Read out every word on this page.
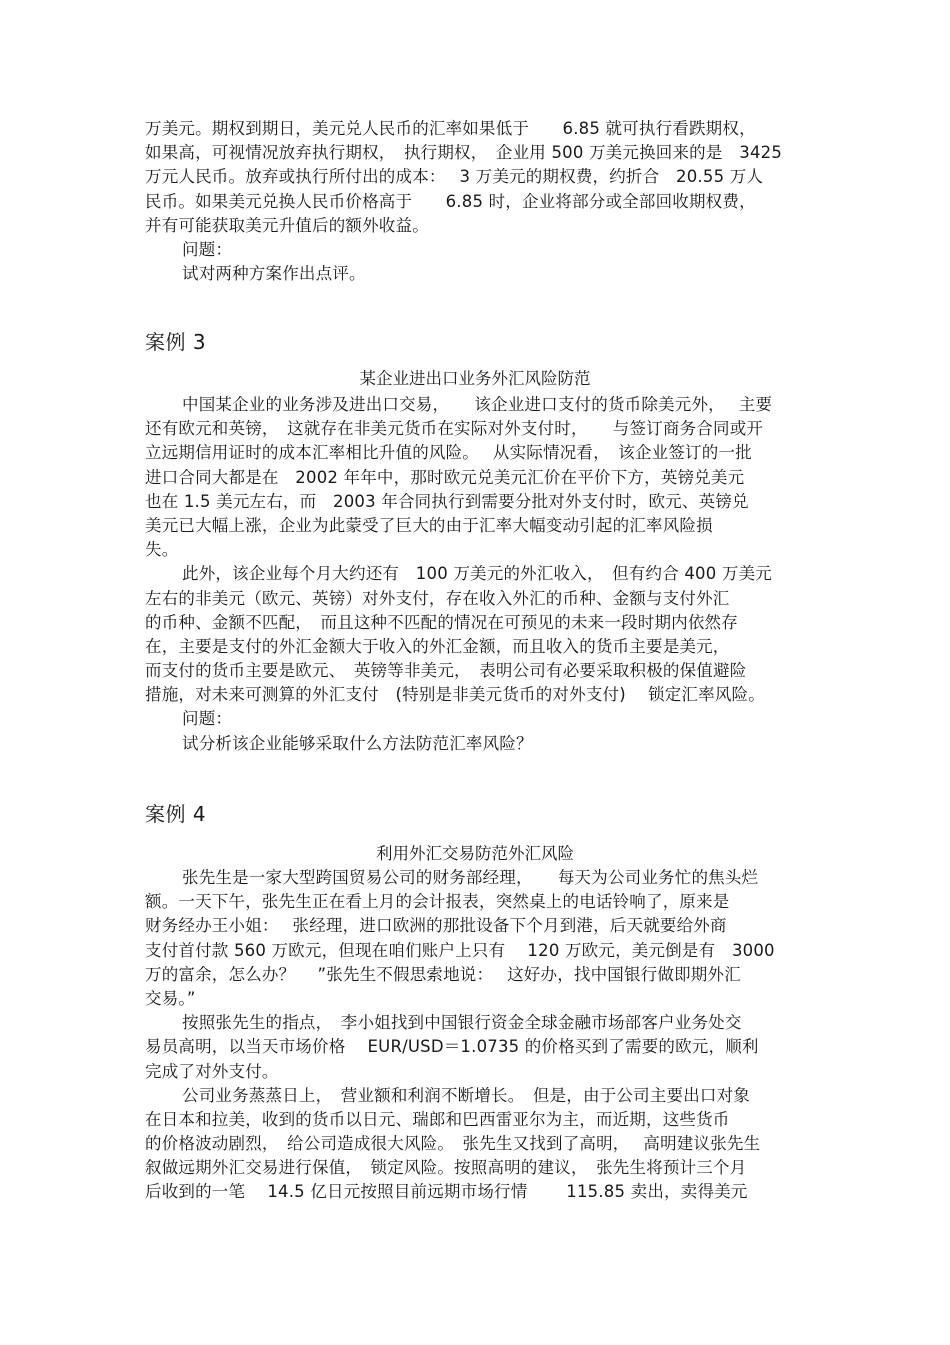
万美元。期权到期日，美元兑人民币的汇率如果低于　　6.85 就可执行看跌期权，
如果高，可视情况放弃执行期权，　执行期权，　企业用 500 万美元换回来的是　3425
万元人民币。放弃或执行所付出的成本：　 3 万美元的期权费，约折合　20.55 万人
民币。如果美元兑换人民币价格高于　　6.85 时，企业将部分或全部回收期权费，
并有可能获取美元升值后的额外收益。
问题：
试对两种方案作出点评。
案例 3
某企业进出口业务外汇风险防范
中国某企业的业务涉及进出口交易，　　该企业进口支付的货币除美元外，　 主要
还有欧元和英镑，　这就存在非美元货币在实际对外支付时，　　与签订商务合同或开
立远期信用证时的成本汇率相比升值的风险。　 从实际情况看，　该企业签订的一批
进口合同大都是在　2002 年年中，那时欧元兑美元汇价在平价下方，英镑兑美元
也在 1.5 美元左右，而　2003 年合同执行到需要分批对外支付时，欧元、英镑兑
美元已大幅上涨，企业为此蒙受了巨大的由于汇率大幅变动引起的汇率风险损
失。
此外，该企业每个月大约还有　100 万美元的外汇收入，　但有约合 400 万美元
左右的非美元（欧元、英镑）对外支付，存在收入外汇的币种、金额与支付外汇
的币种、金额不匹配，　而且这种不匹配的情况在可预见的未来一段时期内依然存
在，主要是支付的外汇金额大于收入的外汇金额，而且收入的货币主要是美元，
而支付的货币主要是欧元、　英镑等非美元，　表明公司有必要采取积极的保值避险
措施，对未来可测算的外汇支付　(特别是非美元货币的对外支付)　 锁定汇率风险。
问题：
试分析该企业能够采取什么方法防范汇率风险？
案例 4
利用外汇交易防范外汇风险
张先生是一家大型跨国贸易公司的财务部经理，　　每天为公司业务忙的焦头烂
额。一天下午，张先生正在看上月的会计报表，突然桌上的电话铃响了，原来是
财务经办王小姐：　 张经理，进口欧洲的那批设备下个月到港，后天就要给外商
支付首付款 560 万欧元，但现在咱们账户上只有　 120 万欧元，美元倒是有　3000
万的富余，怎么办？　 ”张先生不假思索地说：　 这好办，找中国银行做即期外汇
交易。”
按照张先生的指点，　李小姐找到中国银行资金全球金融市场部客户业务处交
易员高明，以当天市场价格　 EUR/USD＝1.0735 的价格买到了需要的欧元，顺利
完成了对外支付。
公司业务蒸蒸日上，　营业额和利润不断增长。　但是，由于公司主要出口对象
在日本和拉美，收到的货币以日元、瑞郎和巴西雷亚尔为主，而近期，这些货币
的价格波动剧烈，　给公司造成很大风险。　张先生又找到了高明，　 高明建议张先生
叙做远期外汇交易进行保值，　锁定风险。按照高明的建议，　张先生将预计三个月
后收到的一笔　 14.5 亿日元按照目前远期市场行情　　 115.85 卖出，卖得美元
